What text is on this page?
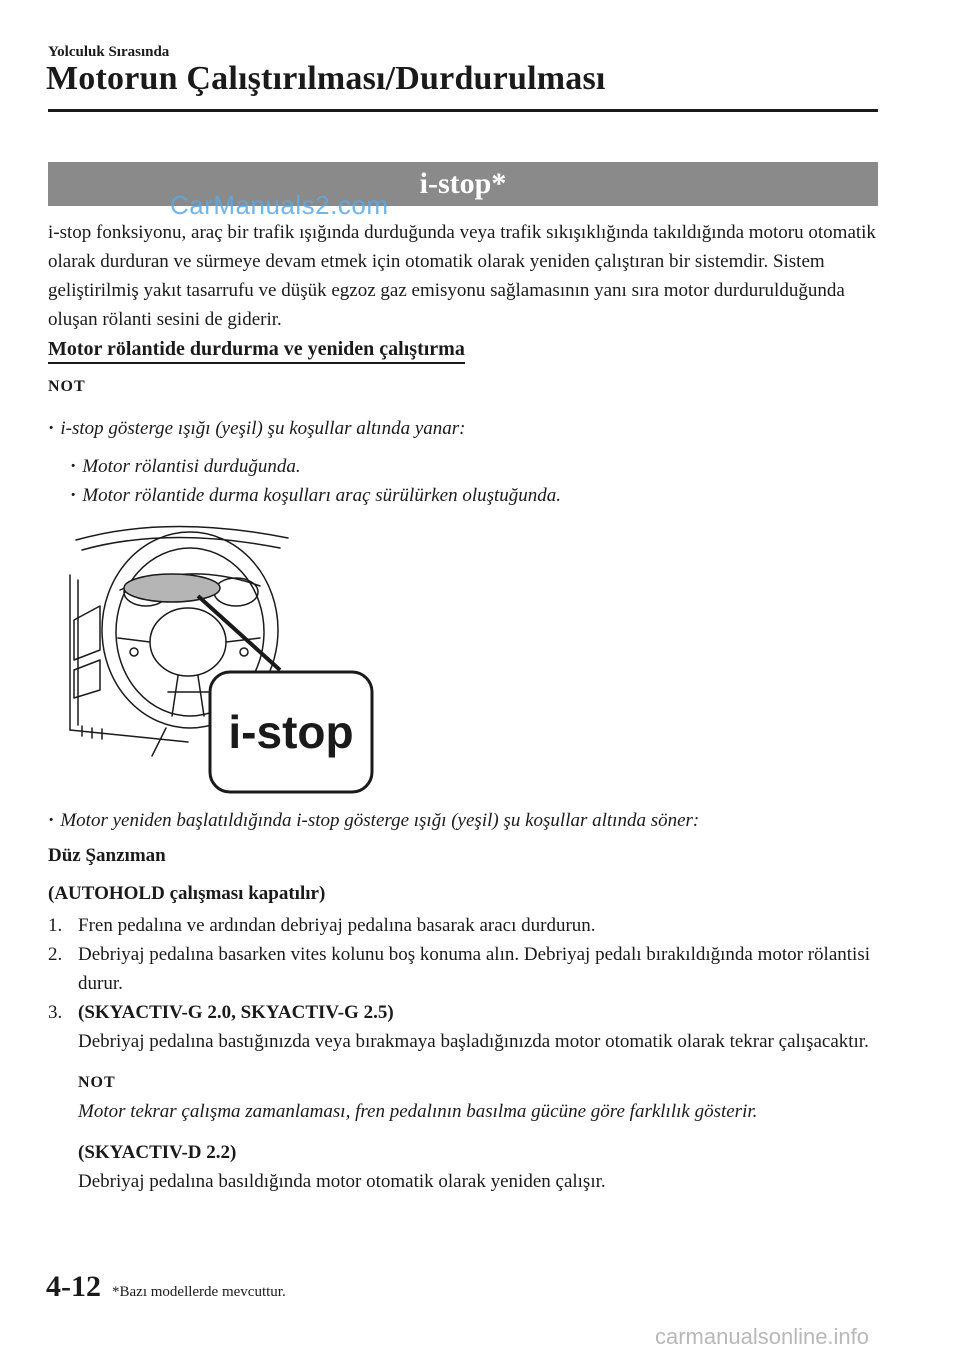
Yolculuk Sırasında
Motorun Çalıştırılması/Durdurulması
i-stop*
CarManuals2.com
i-stop fonksiyonu, araç bir trafik ışığında durduğunda veya trafik sıkışıklığında takıldığında motoru otomatik olarak durduran ve sürmeye devam etmek için otomatik olarak yeniden çalıştıran bir sistemdir. Sistem geliştirilmiş yakıt tasarrufu ve düşük egzoz gaz emisyonu sağlamasının yanı sıra motor durdurulduğunda oluşan rölanti sesini de giderir.
Motor rölantide durdurma ve yeniden çalıştırma
NOT
· i-stop gösterge ışığı (yeşil) şu koşullar altında yanar:
· Motor rölantisi durduğunda.
· Motor rölantide durma koşulları araç sürülürken oluştuğunda.
i-stop
· Motor yeniden başlatıldığında i-stop gösterge ışığı (yeşil) şu koşullar altında söner:
Düz Şanzıman
(AUTOHOLD çalışması kapatılır)
1. Fren pedalına ve ardından debriyaj pedalına basarak aracı durdurun.
2. Debriyaj pedalına basarken vites kolunu boş konuma alın. Debriyaj pedalı bırakıldığında motor rölantisi durur.
3. (SKYACTIV-G 2.0, SKYACTIV-G 2.5)
Debriyaj pedalına bastığınızda veya bırakmaya başladığınızda motor otomatik olarak tekrar çalışacaktır.
NOT
Motor tekrar çalışma zamanlaması, fren pedalının basılma gücüne göre farklılık gösterir.
(SKYACTIV-D 2.2)
Debriyaj pedalına basıldığında motor otomatik olarak yeniden çalışır.
4-12 *Bazı modellerde mevcuttur.
carmanualsonline.info
